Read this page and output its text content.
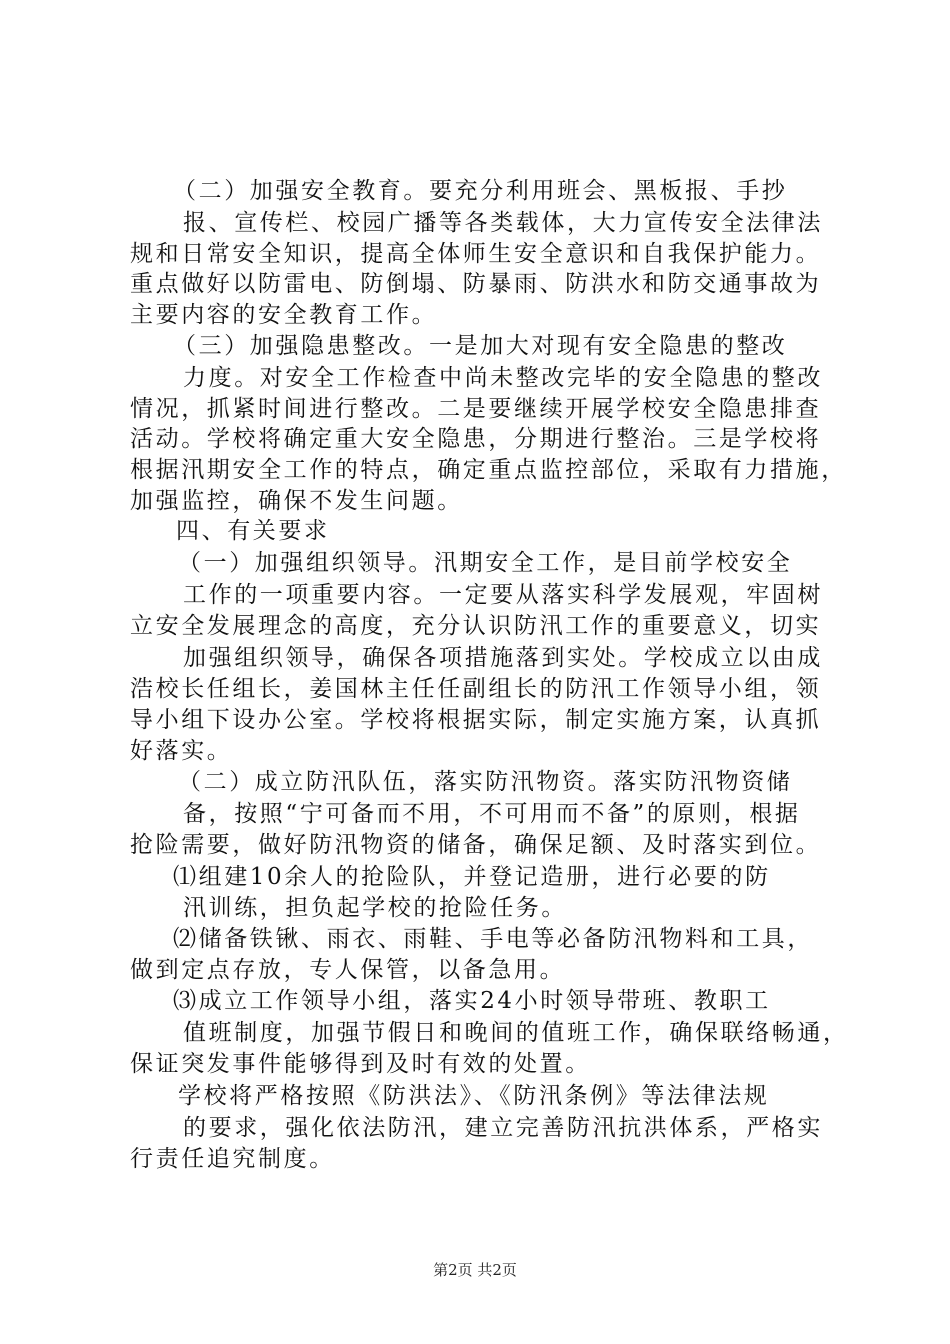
（二）加强安全教育。要充分利用班会、黑板报、手抄
报、宣传栏、校园广播等各类载体，大力宣传安全法律法
规和日常安全知识，提高全体师生安全意识和自我保护能力。
重点做好以防雷电、防倒塌、防暴雨、防洪水和防交通事故为
主要内容的安全教育工作。
（三）加强隐患整改。一是加大对现有安全隐患的整改
力度。对安全工作检查中尚未整改完毕的安全隐患的整改
情况，抓紧时间进行整改。二是要继续开展学校安全隐患排查
活动。学校将确定重大安全隐患，分期进行整治。三是学校将
根据汛期安全工作的特点，确定重点监控部位，采取有力措施，
加强监控，确保不发生问题。
四、有关要求
（一）加强组织领导。汛期安全工作，是目前学校安全
工作的一项重要内容。一定要从落实科学发展观，牢固树
立安全发展理念的高度，充分认识防汛工作的重要意义，切实
加强组织领导，确保各项措施落到实处。学校成立以由成
浩校长任组长，姜国林主任任副组长的防汛工作领导小组，领
导小组下设办公室。学校将根据实际，制定实施方案，认真抓
好落实。
（二）成立防汛队伍，落实防汛物资。落实防汛物资储
备，按照“宁可备而不用，不可用而不备”的原则，根据
抢险需要，做好防汛物资的储备，确保足额、及时落实到位。
⑴组建10余人的抢险队，并登记造册，进行必要的防
汛训练，担负起学校的抢险任务。
⑵储备铁锹、雨衣、雨鞋、手电等必备防汛物料和工具，
做到定点存放，专人保管，以备急用。
⑶成立工作领导小组，落实24小时领导带班、教职工
值班制度，加强节假日和晚间的值班工作，确保联络畅通，
保证突发事件能够得到及时有效的处置。
学校将严格按照《防洪法》、《防汛条例》等法律法规
的要求，强化依法防汛，建立完善防汛抗洪体系，严格实
行责任追究制度。
第2页 共2页
